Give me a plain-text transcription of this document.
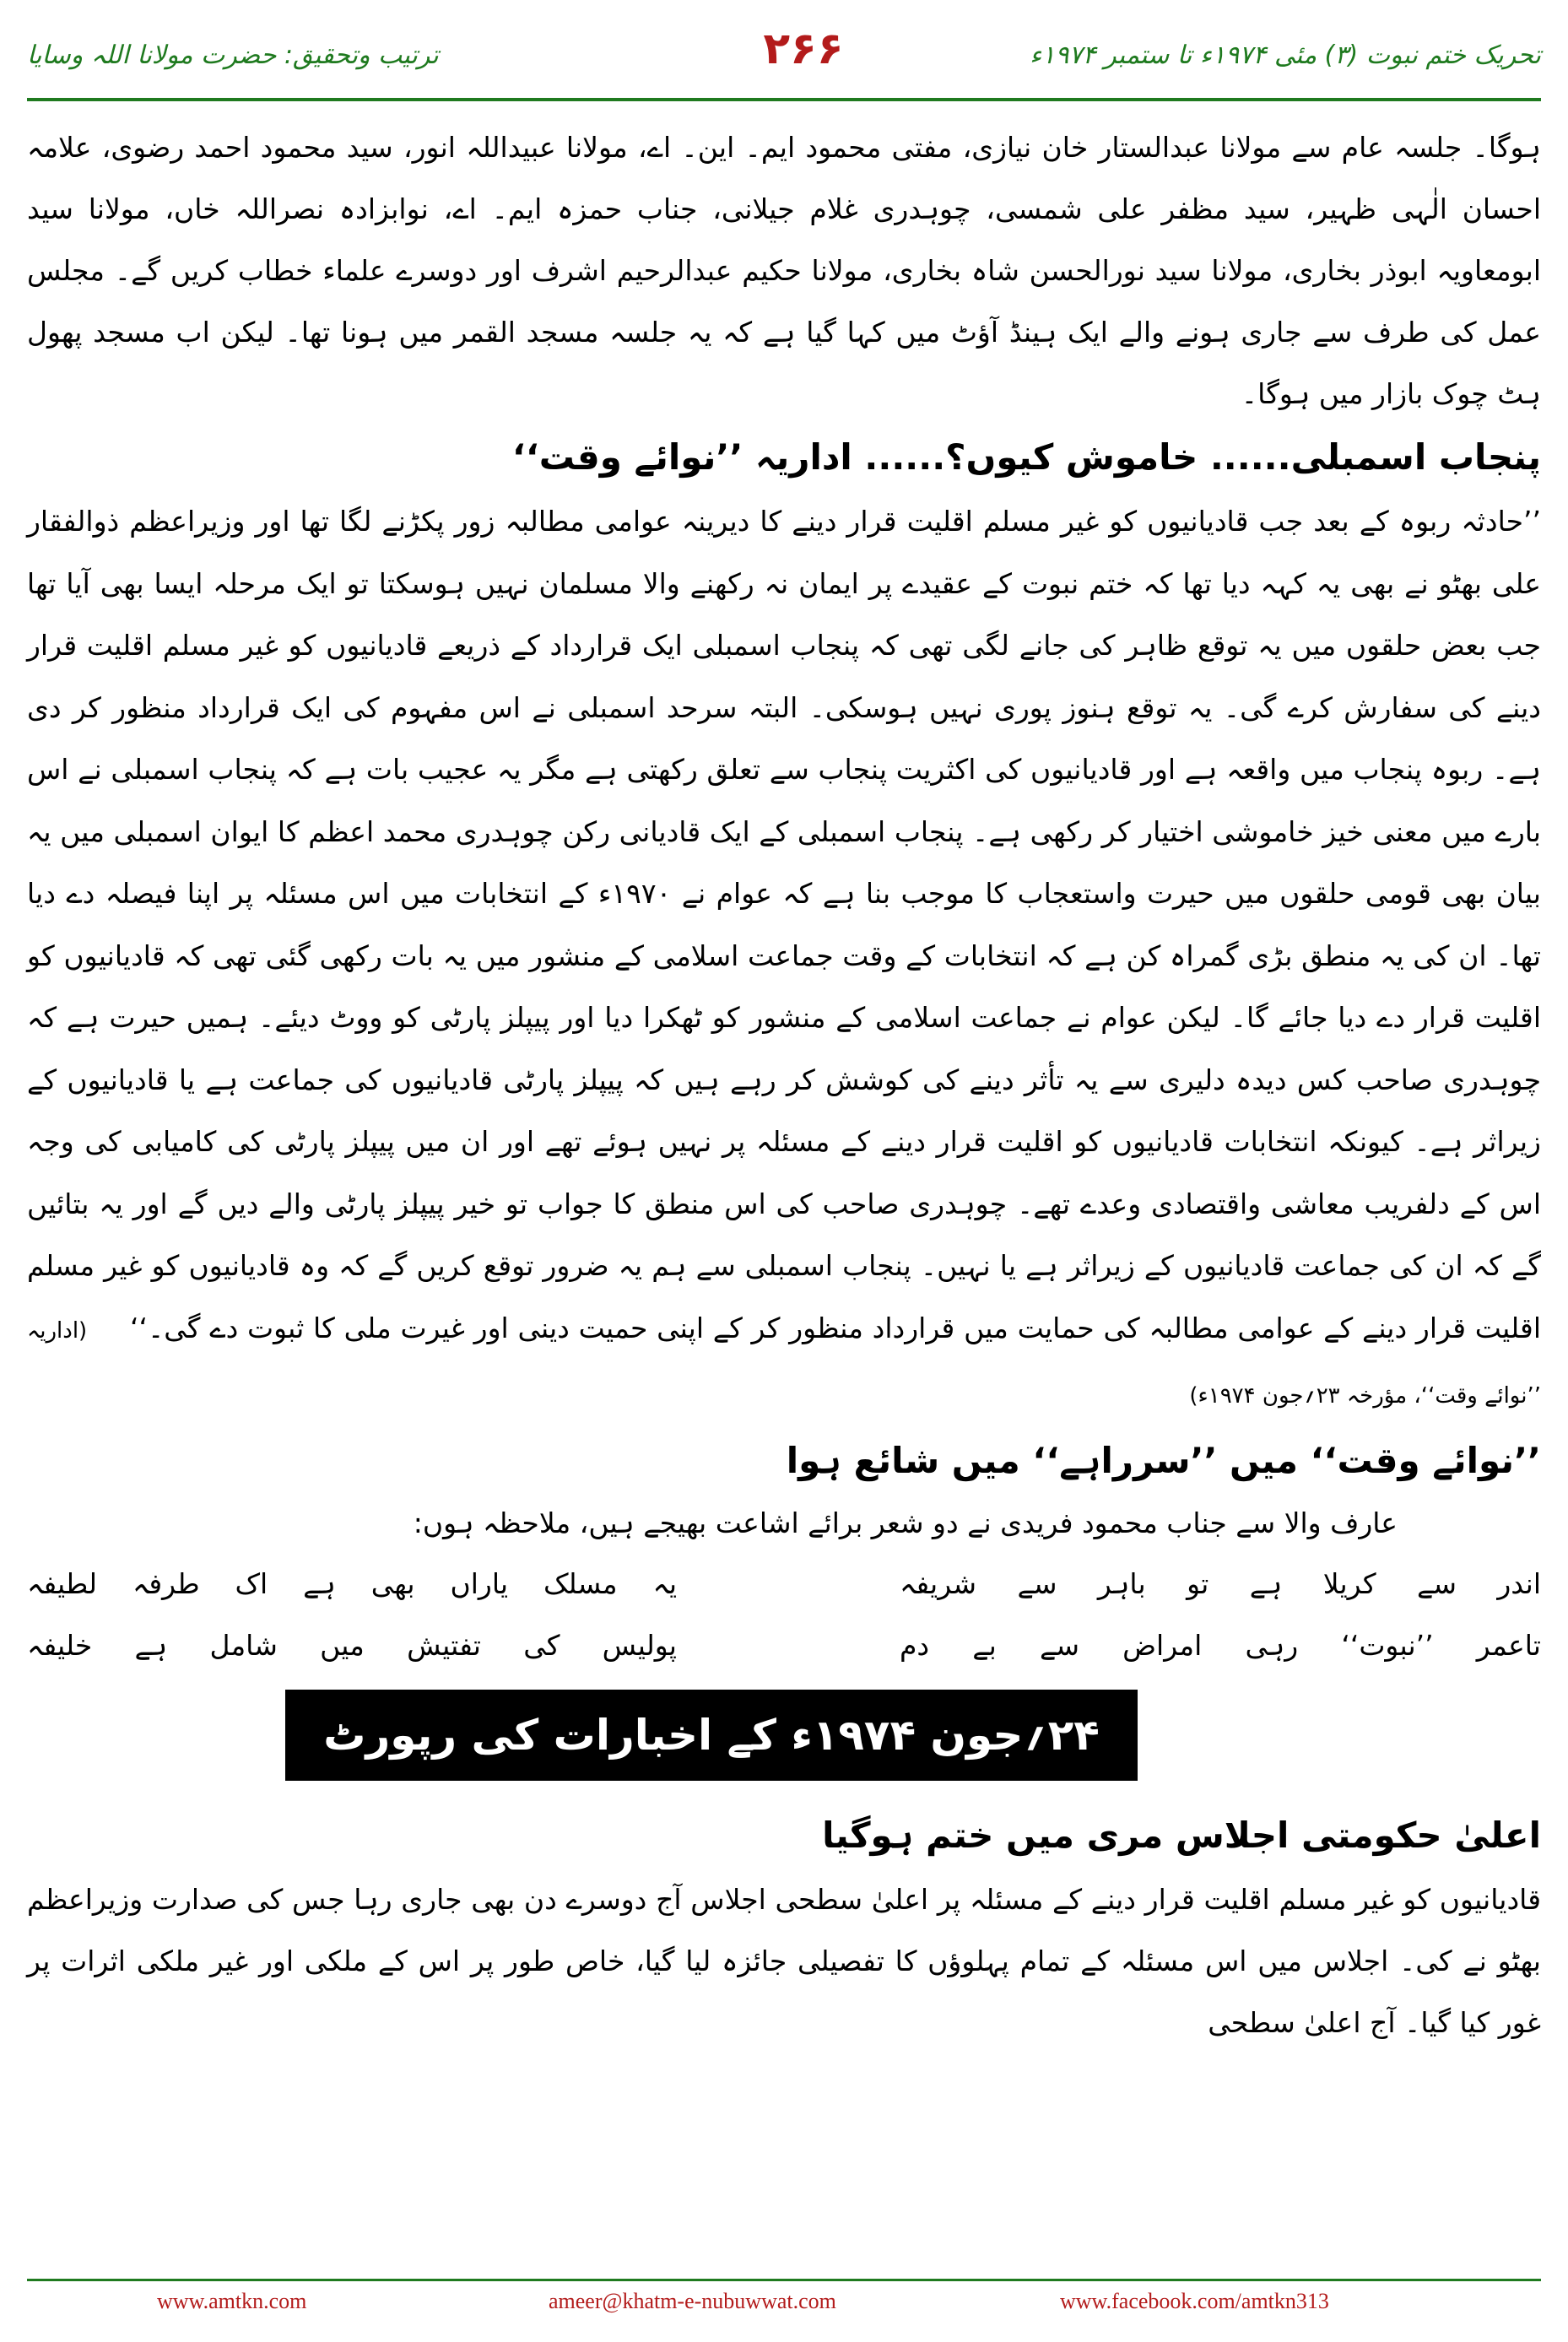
ترتیب وتحقیق: حضرت مولانا اللہ وسایا	۲۶۶	تحریک ختم نبوت (۳) مئی ۱۹۷۴ء تا ستمبر ۱۹۷۴ء

ہوگا۔ جلسہ عام سے مولانا عبدالستار خان نیازی، مفتی محمود ایم۔ این۔ اے، مولانا عبیداللہ انور، سید محمود احمد رضوی، علامہ احسان الٰہی ظہیر، سید مظفر علی شمسی، چوہدری غلام جیلانی، جناب حمزہ ایم۔ اے، نوابزادہ نصراللہ خاں، مولانا سید ابومعاویہ ابوذر بخاری، مولانا سید نورالحسن شاہ بخاری، مولانا حکیم عبدالرحیم اشرف اور دوسرے علماء خطاب کریں گے۔ مجلس عمل کی طرف سے جاری ہونے والے ایک ہینڈ آؤٹ میں کہا گیا ہے کہ یہ جلسہ مسجد القمر میں ہونا تھا۔ لیکن اب مسجد پھول ہٹ چوک بازار میں ہوگا۔

پنجاب اسمبلی...... خاموش کیوں؟...... اداریہ ’’نوائے وقت‘‘

’’حادثہ ربوہ کے بعد جب قادیانیوں کو غیر مسلم اقلیت قرار دینے کا دیرینہ عوامی مطالبہ زور پکڑنے لگا تھا اور وزیراعظم ذوالفقار علی بھٹو نے بھی یہ کہہ دیا تھا کہ ختم نبوت کے عقیدے پر ایمان نہ رکھنے والا مسلمان نہیں ہوسکتا تو ایک مرحلہ ایسا بھی آیا تھا جب بعض حلقوں میں یہ توقع ظاہر کی جانے لگی تھی کہ پنجاب اسمبلی ایک قرارداد کے ذریعے قادیانیوں کو غیر مسلم اقلیت قرار دینے کی سفارش کرے گی۔ یہ توقع ہنوز پوری نہیں ہوسکی۔ البتہ سرحد اسمبلی نے اس مفہوم کی ایک قرارداد منظور کر دی ہے۔ ربوہ پنجاب میں واقعہ ہے اور قادیانیوں کی اکثریت پنجاب سے تعلق رکھتی ہے مگر یہ عجیب بات ہے کہ پنجاب اسمبلی نے اس بارے میں معنی خیز خاموشی اختیار کر رکھی ہے۔ پنجاب اسمبلی کے ایک قادیانی رکن چوہدری محمد اعظم کا ایوان اسمبلی میں یہ بیان بھی قومی حلقوں میں حیرت واستعجاب کا موجب بنا ہے کہ عوام نے ۱۹۷۰ء کے انتخابات میں اس مسئلہ پر اپنا فیصلہ دے دیا تھا۔ ان کی یہ منطق بڑی گمراہ کن ہے کہ انتخابات کے وقت جماعت اسلامی کے منشور میں یہ بات رکھی گئی تھی کہ قادیانیوں کو اقلیت قرار دے دیا جائے گا۔ لیکن عوام نے جماعت اسلامی کے منشور کو ٹھکرا دیا اور پیپلز پارٹی کو ووٹ دیئے۔ ہمیں حیرت ہے کہ چوہدری صاحب کس دیدہ دلیری سے یہ تأثر دینے کی کوشش کر رہے ہیں کہ پیپلز پارٹی قادیانیوں کی جماعت ہے یا قادیانیوں کے زیراثر ہے۔ کیونکہ انتخابات قادیانیوں کو اقلیت قرار دینے کے مسئلہ پر نہیں ہوئے تھے اور ان میں پیپلز پارٹی کی کامیابی کی وجہ اس کے دلفریب معاشی واقتصادی وعدے تھے۔ چوہدری صاحب کی اس منطق کا جواب تو خیر پیپلز پارٹی والے دیں گے اور یہ بتائیں گے کہ ان کی جماعت قادیانیوں کے زیراثر ہے یا نہیں۔ پنجاب اسمبلی سے ہم یہ ضرور توقع کریں گے کہ وہ قادیانیوں کو غیر مسلم اقلیت قرار دینے کے عوامی مطالبہ کی حمایت میں قرارداد منظور کر کے اپنی حمیت دینی اور غیرت ملی کا ثبوت دے گی۔‘‘ (اداریہ ’’نوائے وقت‘‘، مؤرخہ ۲۳؍جون ۱۹۷۴ء)

’’نوائے وقت‘‘ میں ’’سرراہے‘‘ میں شائع ہوا

عارف والا سے جناب محمود فریدی نے دو شعر برائے اشاعت بھیجے ہیں، ملاحظہ ہوں:

اندر سے کریلا ہے تو باہر سے شریفہ
یہ مسلک یاراں بھی ہے اک طرفہ لطیفہ
تاعمر ’’نبوت‘‘ رہی امراض سے بے دم
پولیس کی تفتیش میں شامل ہے خلیفہ
۲۴؍جون ۱۹۷۴ء کے اخبارات کی رپورٹ
اعلیٰ حکومتی اجلاس مری میں ختم ہوگیا

قادیانیوں کو غیر مسلم اقلیت قرار دینے کے مسئلہ پر اعلیٰ سطحی اجلاس آج دوسرے دن بھی جاری رہا جس کی صدارت وزیراعظم بھٹو نے کی۔ اجلاس میں اس مسئلہ کے تمام پہلوؤں کا تفصیلی جائزہ لیا گیا، خاص طور پر اس کے ملکی اور غیر ملکی اثرات پر غور کیا گیا۔ آج اعلیٰ سطحی

www.amtkn.com	ameer@khatm-e-nubuwwat.com	www.facebook.com/amtkn313
